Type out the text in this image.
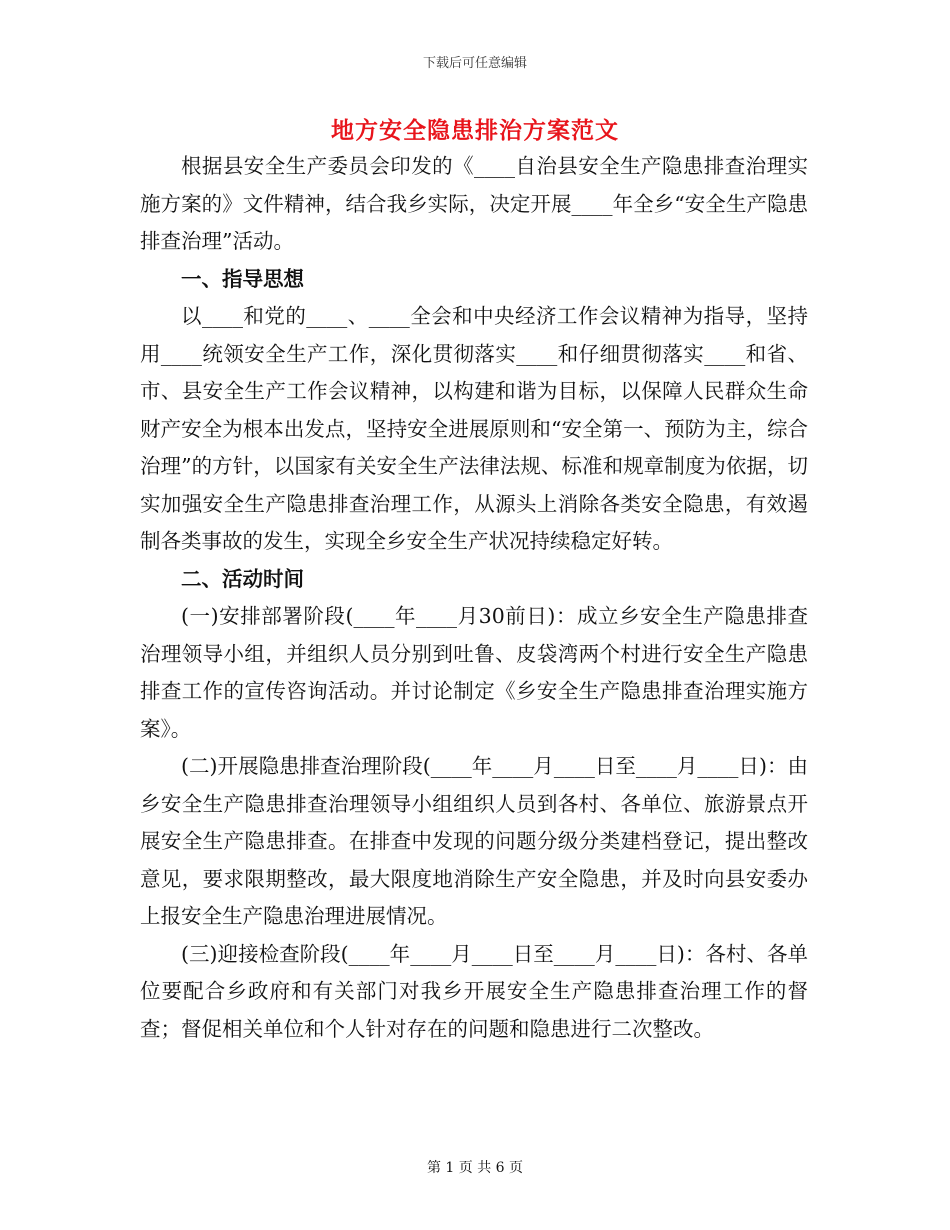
下载后可任意编辑
地方安全隐患排治方案范文

根据县安全生产委员会印发的《____自治县安全生产隐患排查治理实施方案的》文件精神，结合我乡实际，决定开展____年全乡“安全生产隐患排查治理”活动。

一、指导思想

以____和党的____、____全会和中央经济工作会议精神为指导，坚持用____统领安全生产工作，深化贯彻落实____和仔细贯彻落实____和省、市、县安全生产工作会议精神，以构建和谐为目标，以保障人民群众生命财产安全为根本出发点，坚持安全进展原则和“安全第一、预防为主，综合治理”的方针，以国家有关安全生产法律法规、标准和规章制度为依据，切实加强安全生产隐患排查治理工作，从源头上消除各类安全隐患，有效遏制各类事故的发生，实现全乡安全生产状况持续稳定好转。

二、活动时间

(一)安排部署阶段(____年____月30前日)：成立乡安全生产隐患排查治理领导小组，并组织人员分别到吐鲁、皮袋湾两个村进行安全生产隐患排查工作的宣传咨询活动。并讨论制定《乡安全生产隐患排查治理实施方案》。

(二)开展隐患排查治理阶段(____年____月____日至____月____日)：由乡安全生产隐患排查治理领导小组组织人员到各村、各单位、旅游景点开展安全生产隐患排查。在排查中发现的问题分级分类建档登记，提出整改意见，要求限期整改，最大限度地消除生产安全隐患，并及时向县安委办上报安全生产隐患治理进展情况。

(三)迎接检查阶段(____年____月____日至____月____日)：各村、各单位要配合乡政府和有关部门对我乡开展安全生产隐患排查治理工作的督查；督促相关单位和个人针对存在的问题和隐患进行二次整改。

第 1 页 共 6 页
